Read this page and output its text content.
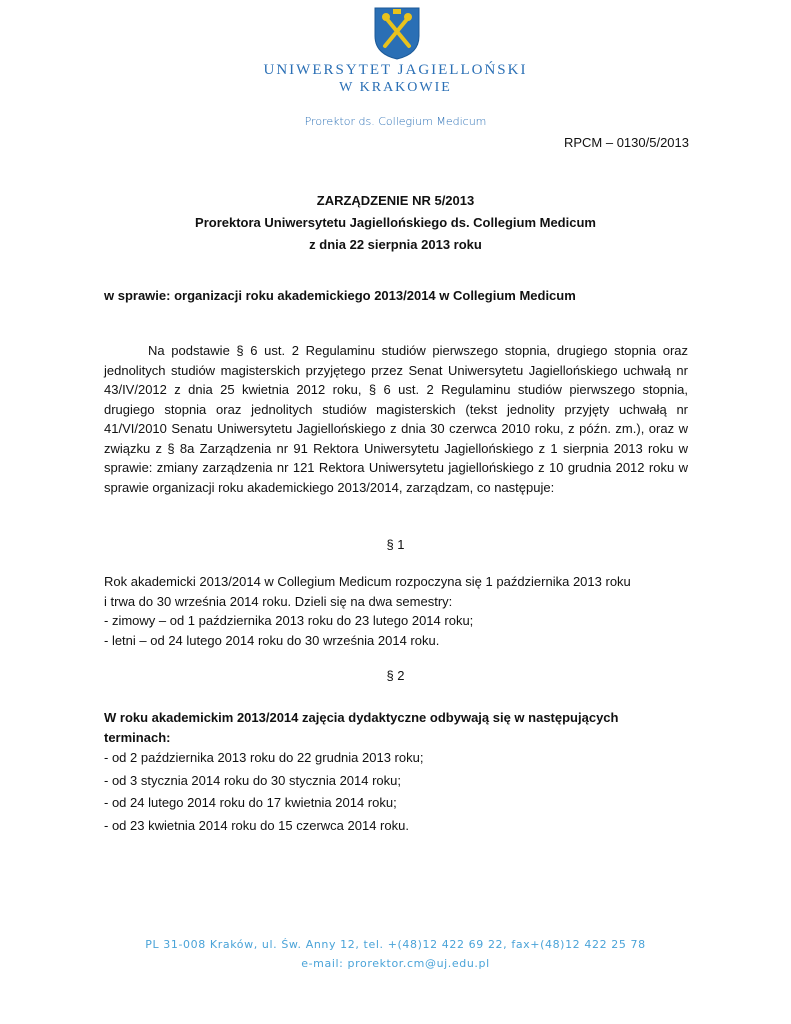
UNIWERSYTET JAGIELLOŃSKI
W KRAKOWIE
Prorektor ds. Collegium Medicum
RPCM – 0130/5/2013
ZARZĄDZENIE NR 5/2013
Prorektora Uniwersytetu Jagiellońskiego ds. Collegium Medicum
z dnia 22 sierpnia 2013 roku
w sprawie: organizacji roku akademickiego 2013/2014 w Collegium Medicum

Na podstawie § 6 ust. 2 Regulaminu studiów pierwszego stopnia, drugiego stopnia oraz jednolitych studiów magisterskich przyjętego przez Senat Uniwersytetu Jagiellońskiego uchwałą nr 43/IV/2012 z dnia 25 kwietnia 2012 roku, § 6 ust. 2 Regulaminu studiów pierwszego stopnia, drugiego stopnia oraz jednolitych studiów magisterskich (tekst jednolity przyjęty uchwałą nr 41/VI/2010 Senatu Uniwersytetu Jagiellońskiego z dnia 30 czerwca 2010 roku, z późn. zm.), oraz w związku z § 8a Zarządzenia nr 91 Rektora Uniwersytetu Jagiellońskiego z 1 sierpnia 2013 roku w sprawie: zmiany zarządzenia nr 121 Rektora Uniwersytetu jagiellońskiego z 10 grudnia 2012 roku w sprawie organizacji roku akademickiego 2013/2014, zarządzam, co następuje:

§ 1

Rok akademicki 2013/2014 w Collegium Medicum rozpoczyna się 1 października 2013 roku
i trwa do 30 września 2014 roku. Dzieli się na dwa semestry:
- zimowy – od 1 października 2013 roku do 23 lutego 2014 roku;
- letni – od 24 lutego 2014 roku do 30 września 2014 roku.

§ 2

W roku akademickim 2013/2014 zajęcia dydaktyczne odbywają się w następujących terminach:

- od 2 października 2013 roku do 22 grudnia 2013 roku;
- od 3 stycznia 2014 roku do 30 stycznia 2014 roku;
- od 24 lutego 2014 roku do 17 kwietnia 2014 roku;
- od 23 kwietnia 2014 roku do 15 czerwca 2014 roku.
PL 31-008 Kraków, ul. Św. Anny 12, tel. +(48)12 422 69 22, fax+(48)12 422 25 78
e-mail: prorektor.cm@uj.edu.pl
